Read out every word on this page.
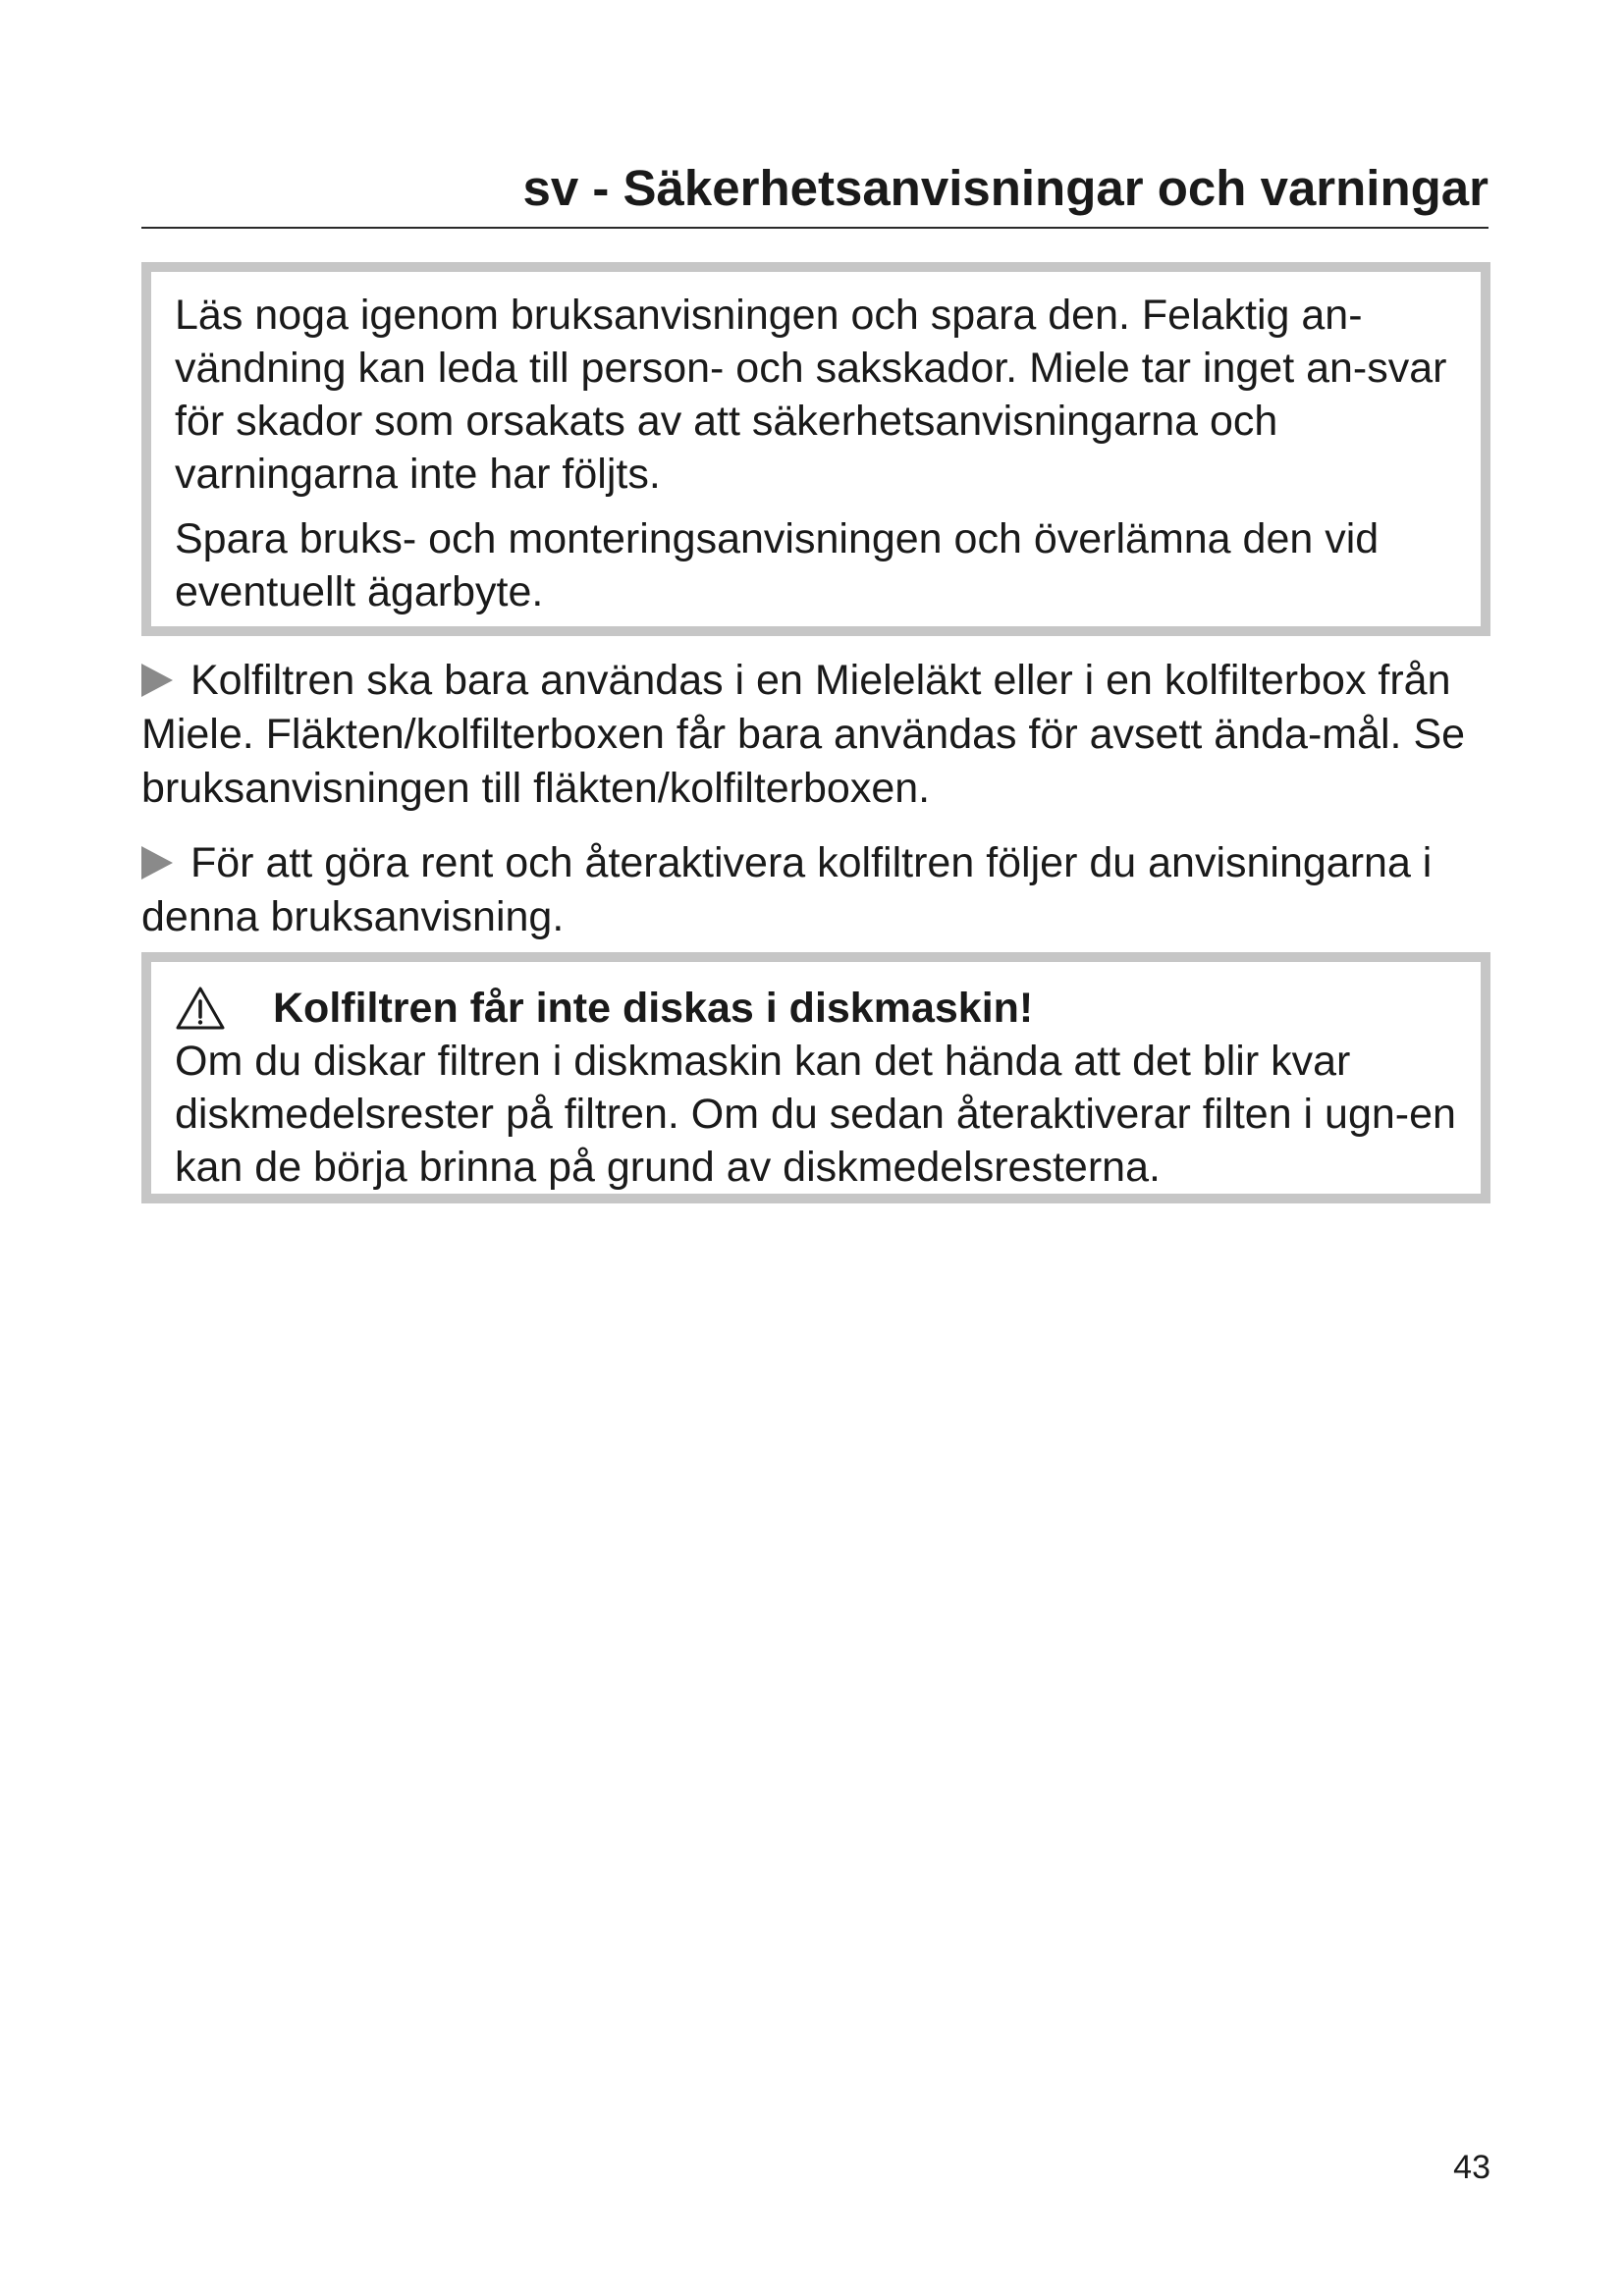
sv - Säkerhetsanvisningar och varningar

Läs noga igenom bruksanvisningen och spara den. Felaktig an-vändning kan leda till person- och sakskador. Miele tar inget an-svar för skador som orsakats av att säkerhetsanvisningarna och varningarna inte har följts.

Spara bruks- och monteringsanvisningen och överlämna den vid eventuellt ägarbyte.

Kolfiltren ska bara användas i en Mieleläkt eller i en kolfilterbox från Miele. Fläkten/kolfilterboxen får bara användas för avsett ända-mål. Se bruksanvisningen till fläkten/kolfilterboxen.

För att göra rent och återaktivera kolfiltren följer du anvisningarna i denna bruksanvisning.

Kolfiltren får inte diskas i diskmaskin!

Om du diskar filtren i diskmaskin kan det hända att det blir kvar diskmedelsrester på filtren. Om du sedan återaktiverar filten i ugn-en kan de börja brinna på grund av diskmedelsresterna.

43
